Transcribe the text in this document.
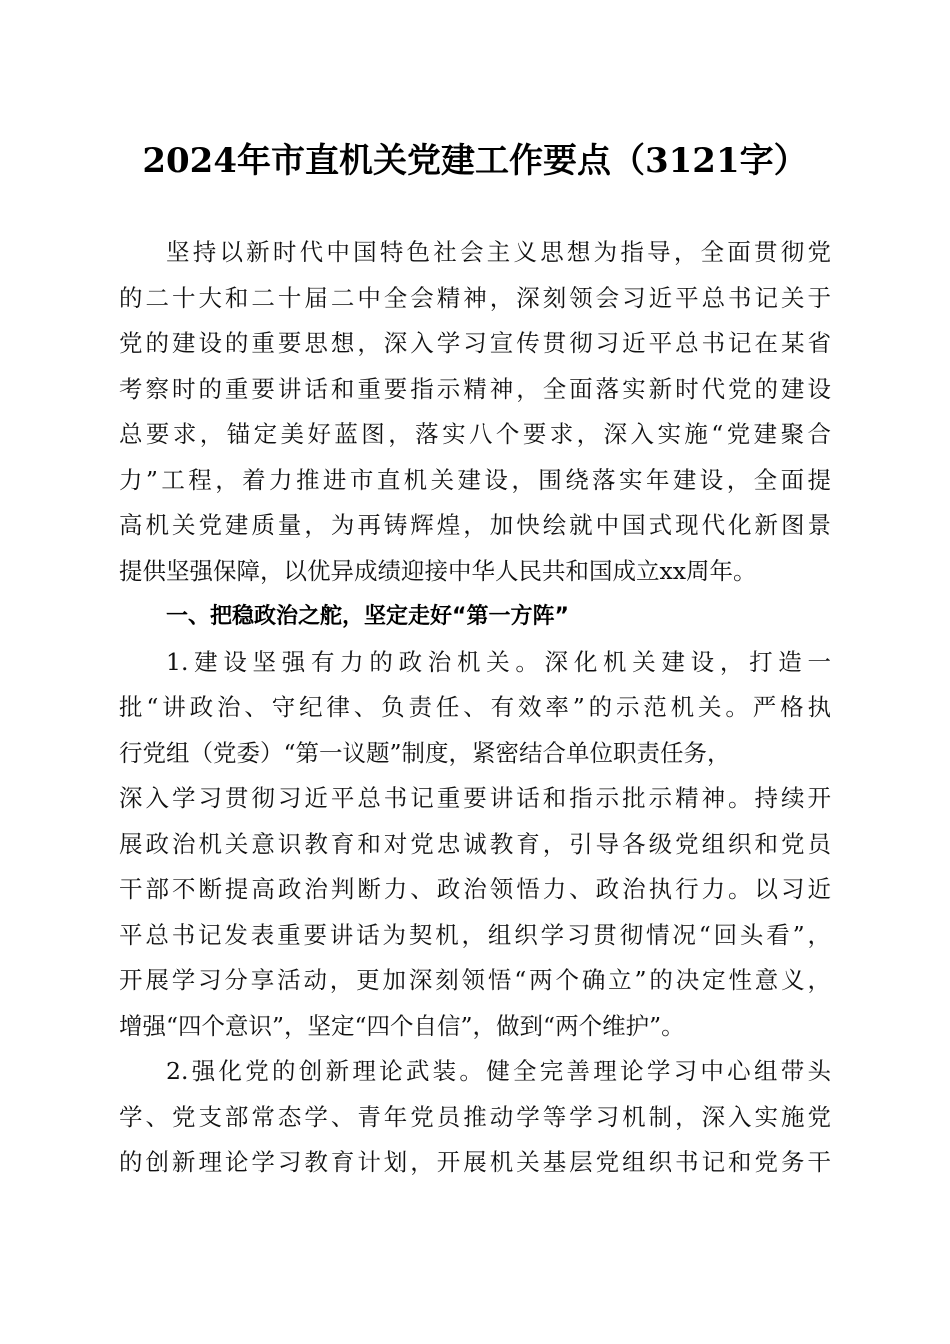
2024年市直机关党建工作要点（3121字）
坚持以新时代中国特色社会主义思想为指导，全面贯彻党
的二十大和二十届二中全会精神，深刻领会习近平总书记关于
党的建设的重要思想，深入学习宣传贯彻习近平总书记在某省
考察时的重要讲话和重要指示精神，全面落实新时代党的建设
总要求，锚定美好蓝图，落实八个要求，深入实施“党建聚合
力”工程，着力推进市直机关建设，围绕落实年建设，全面提
高机关党建质量，为再铸辉煌，加快绘就中国式现代化新图景
提供坚强保障，以优异成绩迎接中华人民共和国成立xx周年。
一、把稳政治之舵，坚定走好“第一方阵”
1.建设坚强有力的政治机关。深化机关建设，打造一
批“讲政治、守纪律、负责任、有效率”的示范机关。严格执
行党组（党委）“第一议题”制度，紧密结合单位职责任务，
深入学习贯彻习近平总书记重要讲话和指示批示精神。持续开
展政治机关意识教育和对党忠诚教育，引导各级党组织和党员
干部不断提高政治判断力、政治领悟力、政治执行力。以习近
平总书记发表重要讲话为契机，组织学习贯彻情况“回头看”，
开展学习分享活动，更加深刻领悟“两个确立”的决定性意义，
增强“四个意识”，坚定“四个自信”，做到“两个维护”。
2.强化党的创新理论武装。健全完善理论学习中心组带头
学、党支部常态学、青年党员推动学等学习机制，深入实施党
的创新理论学习教育计划，开展机关基层党组织书记和党务干
